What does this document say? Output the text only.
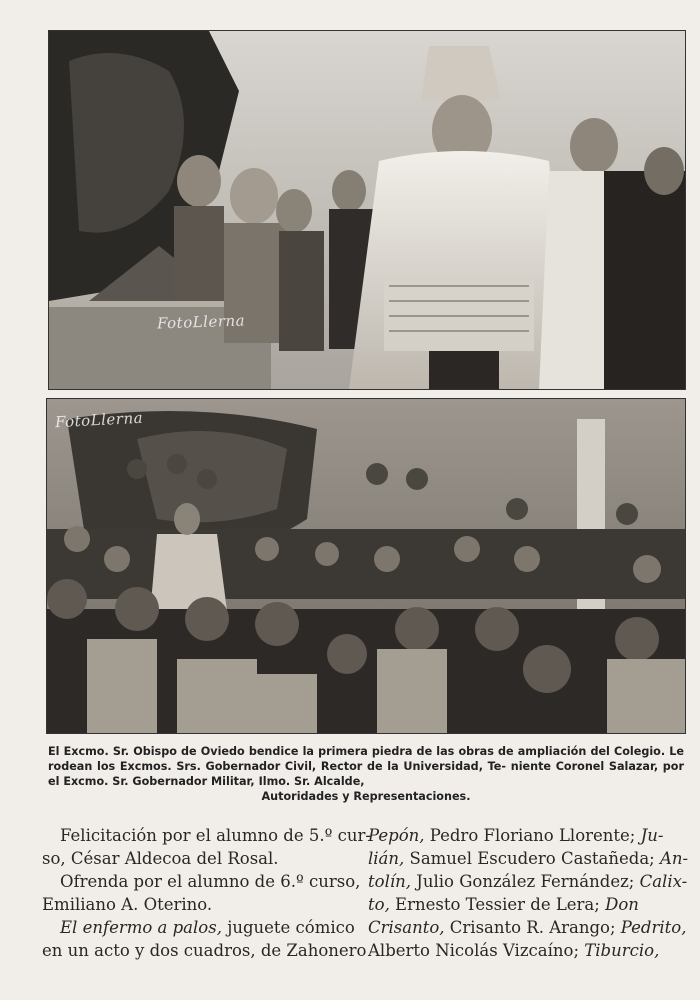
FotoLlerna
FotoLlerna
El Excmo. Sr. Obispo de Oviedo bendice la primera piedra de las obras de ampliación del Colegio. Le rodean los Excmos. Srs. Gobernador Civil, Rector de la Universidad, Te- niente Coronel Salazar, por el Excmo. Sr. Gobernador Militar, Ilmo. Sr. Alcalde,
Autoridades y Representaciones.
Felicitación por el alumno de 5.º cur-
so, César Aldecoa del Rosal.
Ofrenda por el alumno de 6.º curso,
Emiliano A. Oterino.
El enfermo a palos, juguete cómico
en un acto y dos cuadros, de Zahonero
Pepón, Pedro Floriano Llorente; Ju-
lián, Samuel Escudero Castañeda; An-
tolín, Julio González Fernández; Calix-
to, Ernesto Tessier de Lera; Don
Crisanto, Crisanto R. Arango; Pedrito,
Alberto Nicolás Vizcaíno; Tiburcio,
